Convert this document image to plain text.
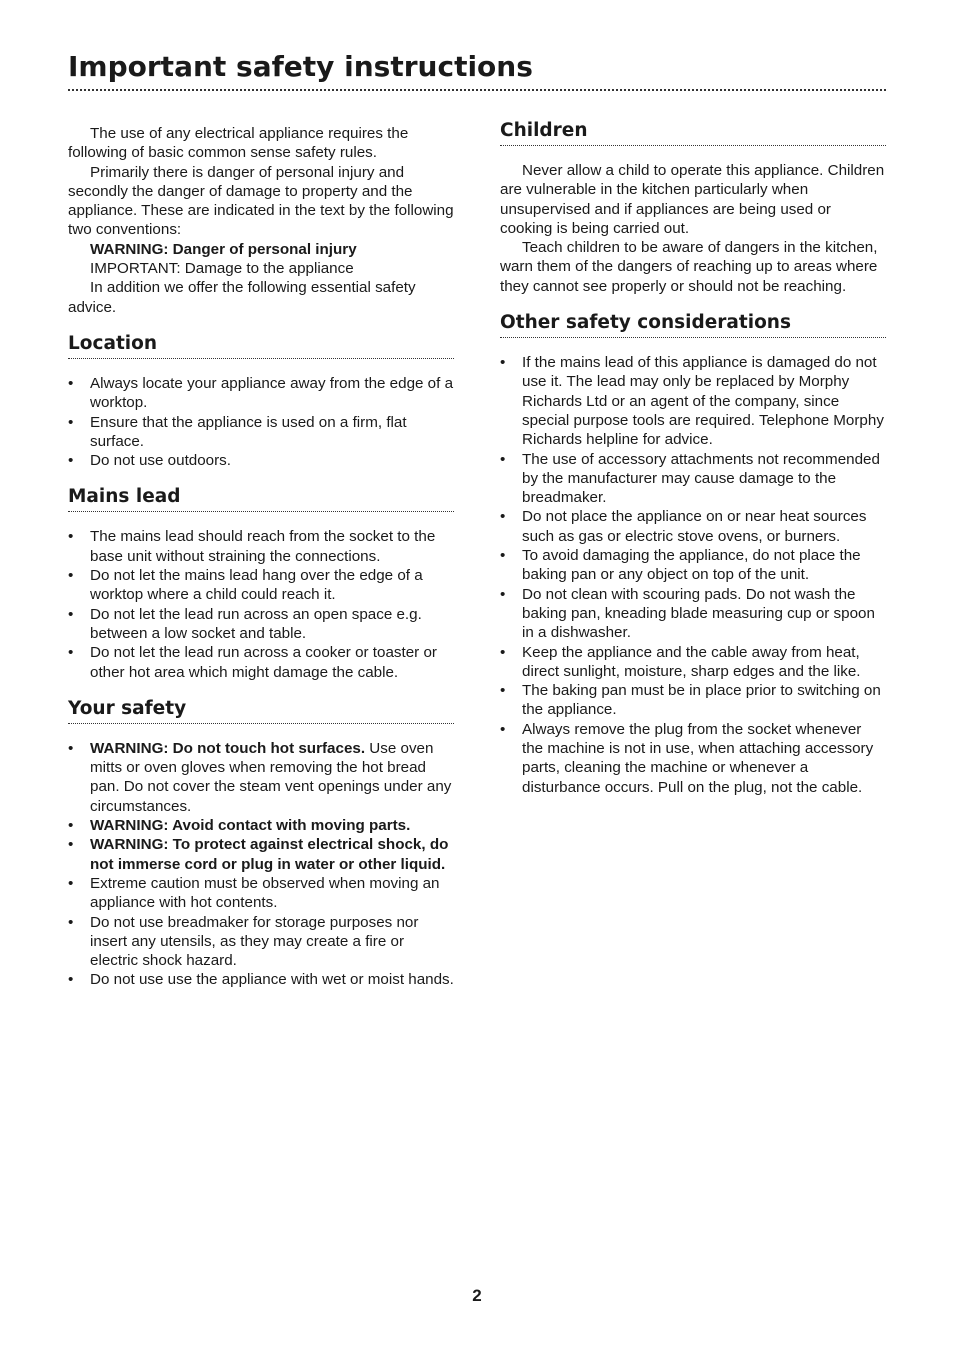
Important safety instructions

The use of any electrical appliance requires the following of basic common sense safety rules.

Primarily there is danger of personal injury and secondly the danger of damage to property and the appliance. These are indicated in the text by the following two conventions:

WARNING: Danger of personal injury

IMPORTANT: Damage to the appliance

In addition we offer the following essential safety advice.

Location
• Always locate your appliance away from the edge of a worktop.
• Ensure that the appliance is used on a firm, flat surface.
• Do not use outdoors.
Mains lead
• The mains lead should reach from the socket to the base unit without straining the connections.
• Do not let the mains lead hang over the edge of a worktop where a child could reach it.
• Do not let the lead run across an open space e.g. between a low socket and table.
• Do not let the lead run across a cooker or toaster or other hot area which might damage the cable.
Your safety
• WARNING: Do not touch hot surfaces. Use oven mitts or oven gloves when removing the hot bread pan. Do not cover the steam vent openings under any circumstances.
• WARNING: Avoid contact with moving parts.
• WARNING: To protect against electrical shock, do not immerse cord or plug in water or other liquid.
• Extreme caution must be observed when moving an appliance with hot contents.
• Do not use breadmaker for storage purposes nor insert any utensils, as they may create a fire or electric shock hazard.
• Do not use use the appliance with wet or moist hands.
Children

Never allow a child to operate this appliance. Children are vulnerable in the kitchen particularly when unsupervised and if appliances are being used or cooking is being carried out.

Teach children to be aware of dangers in the kitchen, warn them of the dangers of reaching up to areas where they cannot see properly or should not be reaching.

Other safety considerations
• If the mains lead of this appliance is damaged do not use it. The lead may only be replaced by Morphy Richards Ltd or an agent of the company, since special purpose tools are required. Telephone Morphy Richards helpline for advice.
• The use of accessory attachments not recommended by the manufacturer may cause damage to the breadmaker.
• Do not place the appliance on or near heat sources such as gas or electric stove ovens, or burners.
• To avoid damaging the appliance, do not place the baking pan or any object on top of the unit.
• Do not clean with scouring pads. Do not wash the baking pan, kneading blade measuring cup or spoon in a dishwasher.
• Keep the appliance and the cable away from heat, direct sunlight, moisture, sharp edges and the like.
• The baking pan must be in place prior to switching on the appliance.
• Always remove the plug from the socket whenever the machine is not in use, when attaching accessory parts, cleaning the machine or whenever a disturbance occurs. Pull on the plug, not the cable.
2
